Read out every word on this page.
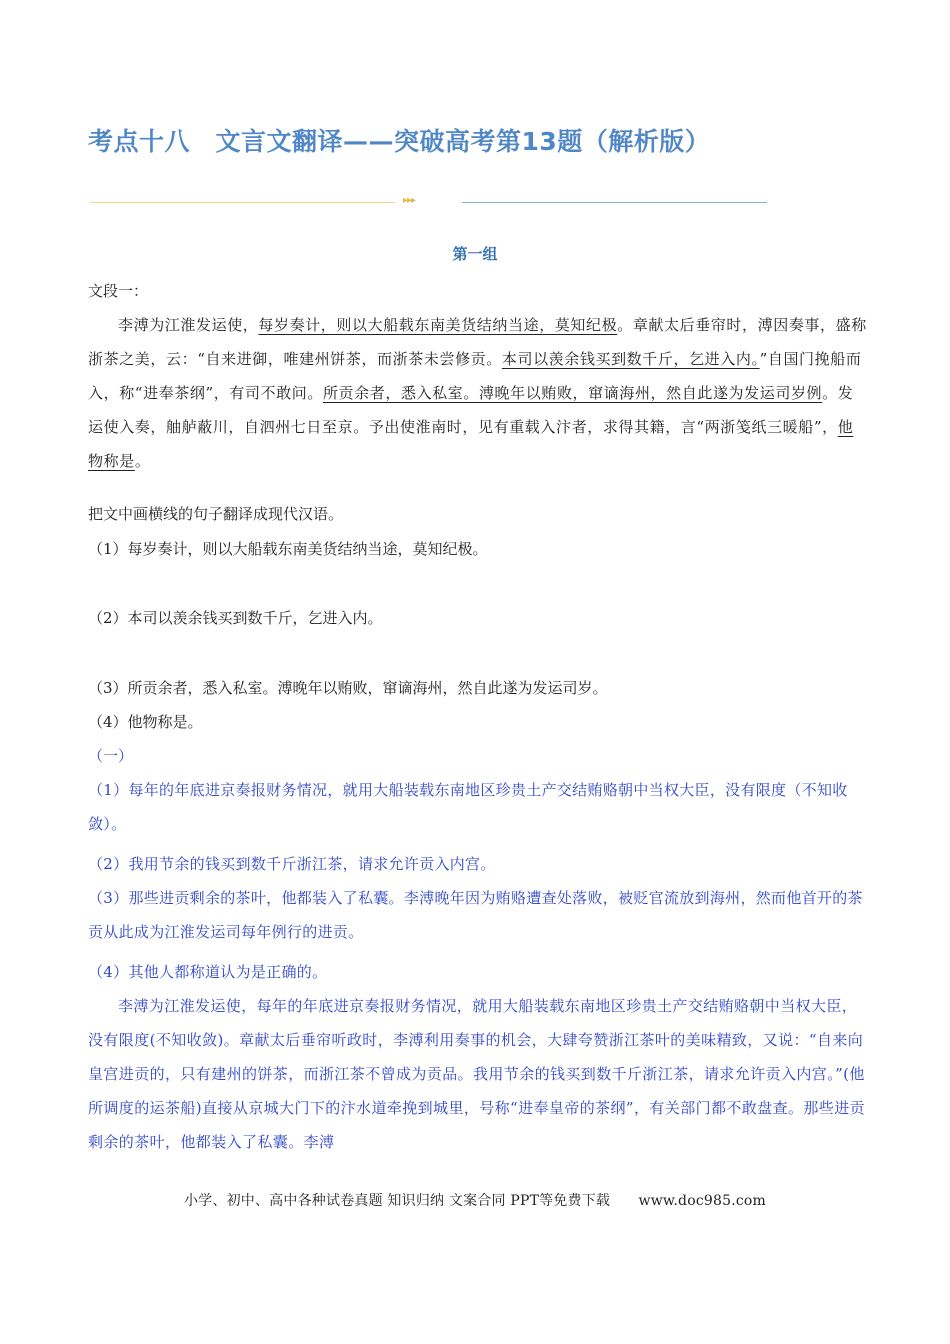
考点十八　文言文翻译——突破高考第13题（解析版）
▸▸▸
第一组
文段一：
李溥为江淮发运使，每岁奏计，则以大船载东南美货结纳当途，莫知纪极。章献太后垂帘时，溥因奏事，盛称浙茶之美，云：“自来进御，唯建州饼茶，而浙茶未尝修贡。本司以羡余钱买到数千斤，乞进入内。”自国门挽船而入，称“进奉茶纲”，有司不敢问。所贡余者，悉入私室。溥晚年以贿败，窜谪海州，然自此遂为发运司岁例。发运使入奏，舳舻蔽川，自泗州七日至京。予出使淮南时，见有重载入汴者，求得其籍，言“两浙笺纸三暖船”，他物称是。
把文中画横线的句子翻译成现代汉语。
（1）每岁奏计，则以大船载东南美货结纳当途，莫知纪极。
（2）本司以羡余钱买到数千斤，乞进入内。
（3）所贡余者，悉入私室。溥晚年以贿败，窜谪海州，然自此遂为发运司岁。
（4）他物称是。
（一）
（1）每年的年底进京奏报财务情况，就用大船装载东南地区珍贵土产交结贿赂朝中当权大臣，没有限度（不知收敛）。
（2）我用节余的钱买到数千斤浙江茶，请求允许贡入内宫。
（3）那些进贡剩余的茶叶，他都装入了私囊。李溥晚年因为贿赂遭查处落败，被贬官流放到海州，然而他首开的茶贡从此成为江淮发运司每年例行的进贡。
（4）其他人都称道认为是正确的。
李溥为江淮发运使，每年的年底进京奏报财务情况，就用大船装载东南地区珍贵土产交结贿赂朝中当权大臣，没有限度(不知收敛)。章献太后垂帘听政时，李溥利用奏事的机会，大肆夸赞浙江茶叶的美味精致，又说：“自来向皇宫进贡的，只有建州的饼茶，而浙江茶不曾成为贡品。我用节余的钱买到数千斤浙江茶，请求允许贡入内宫。”(他所调度的运茶船)直接从京城大门下的汴水道牵挽到城里，号称“进奉皇帝的茶纲”，有关部门都不敢盘查。那些进贡剩余的茶叶，他都装入了私囊。李溥
小学、初中、高中各种试卷真题 知识归纳 文案合同 PPT等免费下载　　www.doc985.com
